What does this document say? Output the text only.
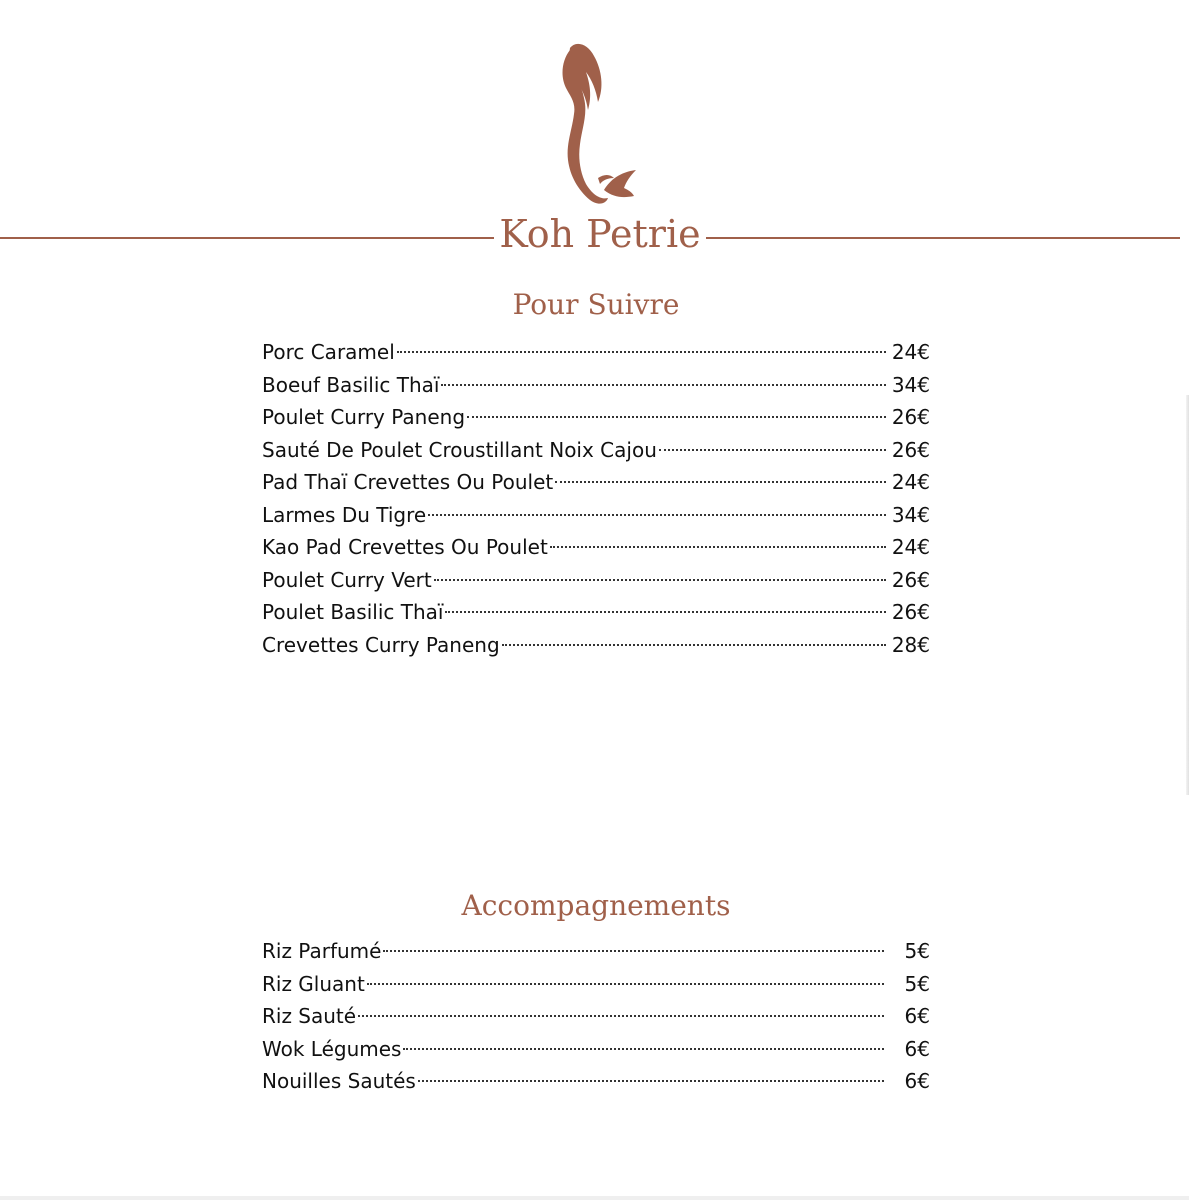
Koh Petrie
Pour Suivre
Porc Caramel	24€
Boeuf Basilic Thaï	34€
Poulet Curry Paneng	26€
Sauté De Poulet Croustillant Noix Cajou	26€
Pad Thaï Crevettes Ou Poulet	24€
Larmes Du Tigre	34€
Kao Pad Crevettes Ou Poulet	24€
Poulet Curry Vert	26€
Poulet Basilic Thaï	26€
Crevettes Curry Paneng	28€
Accompagnements
Riz Parfumé	5€
Riz Gluant	5€
Riz Sauté	6€
Wok Légumes	6€
Nouilles Sautés	6€
